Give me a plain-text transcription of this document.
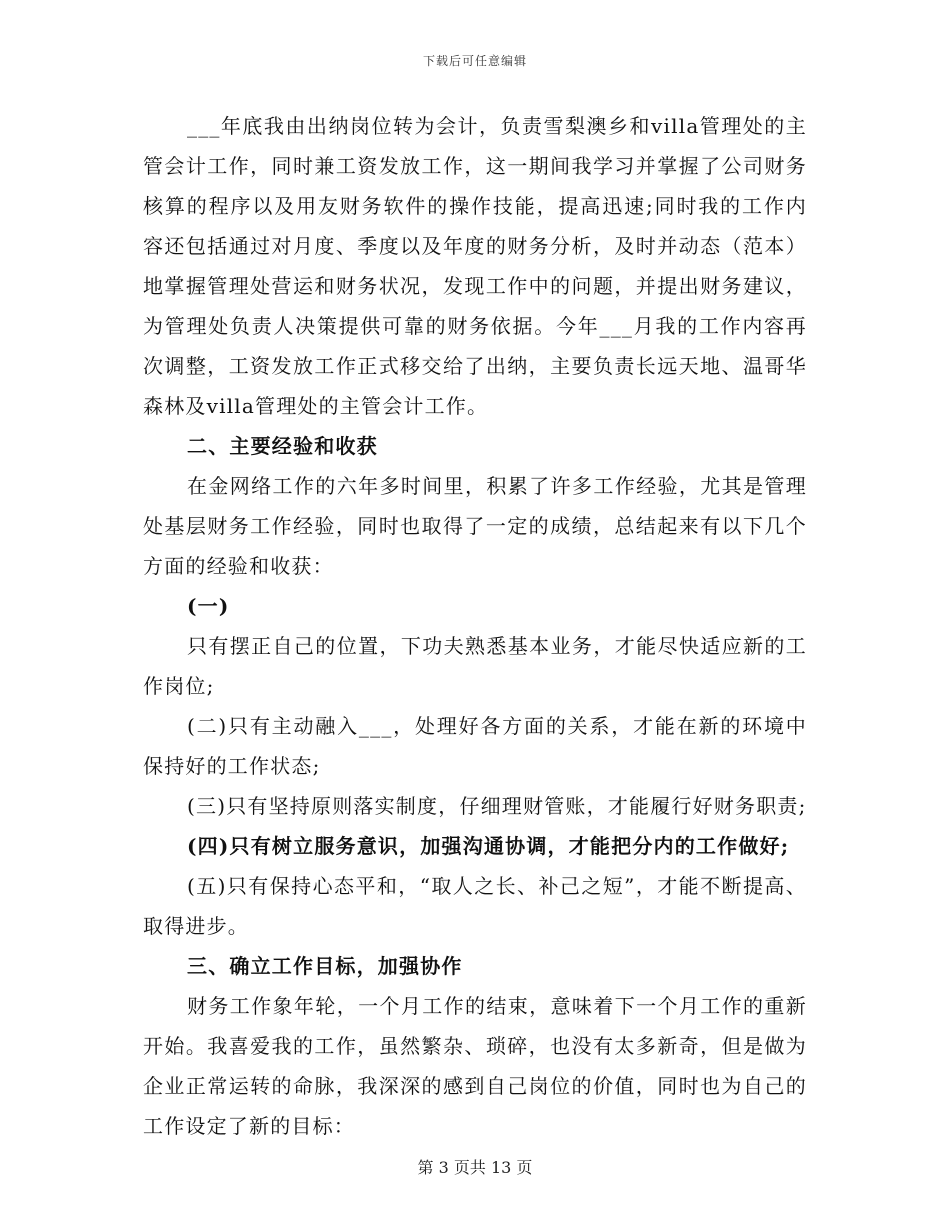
下载后可任意编辑

___年底我由出纳岗位转为会计，负责雪梨澳乡和villa管理处的主管会计工作，同时兼工资发放工作，这一期间我学习并掌握了公司财务核算的程序以及用友财务软件的操作技能，提高迅速;同时我的工作内容还包括通过对月度、季度以及年度的财务分析，及时并动态（范本）地掌握管理处营运和财务状况，发现工作中的问题，并提出财务建议，为管理处负责人决策提供可靠的财务依据。今年___月我的工作内容再次调整，工资发放工作正式移交给了出纳，主要负责长远天地、温哥华森林及villa管理处的主管会计工作。

二、主要经验和收获

在金网络工作的六年多时间里，积累了许多工作经验，尤其是管理处基层财务工作经验，同时也取得了一定的成绩，总结起来有以下几个方面的经验和收获：

(一)

只有摆正自己的位置，下功夫熟悉基本业务，才能尽快适应新的工作岗位;

(二)只有主动融入___，处理好各方面的关系，才能在新的环境中保持好的工作状态;

(三)只有坚持原则落实制度，仔细理财管账，才能履行好财务职责;

(四)只有树立服务意识，加强沟通协调，才能把分内的工作做好;

(五)只有保持心态平和，“取人之长、补己之短”，才能不断提高、取得进步。

三、确立工作目标，加强协作

财务工作象年轮，一个月工作的结束，意味着下一个月工作的重新开始。我喜爱我的工作，虽然繁杂、琐碎，也没有太多新奇，但是做为企业正常运转的命脉，我深深的感到自己岗位的价值，同时也为自己的工作设定了新的目标：

第 3 页共 13 页
